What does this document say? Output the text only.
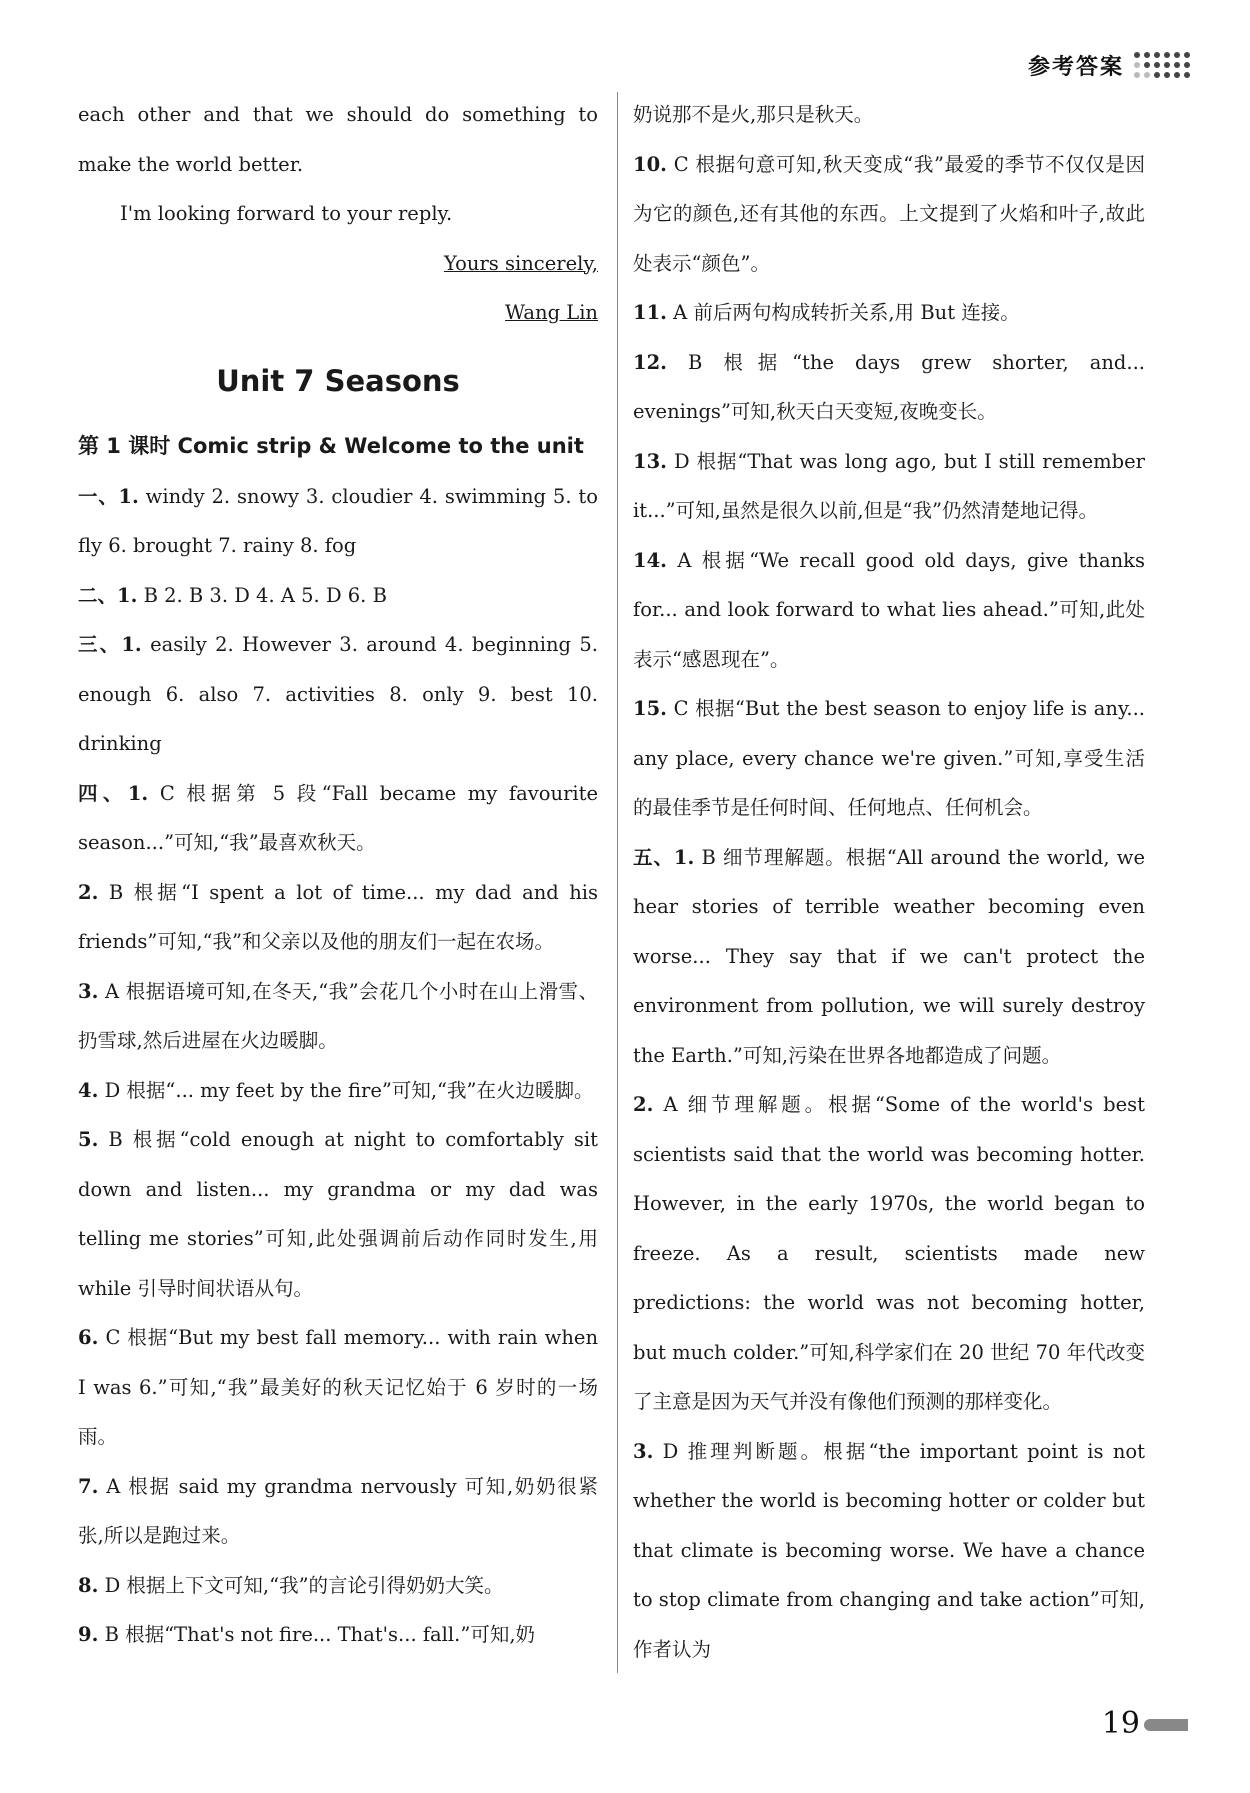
参考答案

each other and that we should do something to make the world better.

I'm looking forward to your reply.

Yours sincerely,

Wang Lin

Unit 7 Seasons

第 1 课时 Comic strip & Welcome to the unit

一、1. windy 2. snowy 3. cloudier 4. swimming 5. to fly 6. brought 7. rainy 8. fog

二、1. B 2. B 3. D 4. A 5. D 6. B

三、1. easily 2. However 3. around 4. beginning 5. enough 6. also 7. activities 8. only 9. best 10. drinking

四、1. C 根据第 5 段“Fall became my favourite season...”可知,“我”最喜欢秋天。

2. B 根据“I spent a lot of time... my dad and his friends”可知,“我”和父亲以及他的朋友们一起在农场。

3. A 根据语境可知,在冬天,“我”会花几个小时在山上滑雪、扔雪球,然后进屋在火边暖脚。

4. D 根据“... my feet by the fire”可知,“我”在火边暖脚。

5. B 根据“cold enough at night to comfortably sit down and listen... my grandma or my dad was telling me stories”可知,此处强调前后动作同时发生,用 while 引导时间状语从句。

6. C 根据“But my best fall memory... with rain when I was 6.”可知,“我”最美好的秋天记忆始于 6 岁时的一场雨。

7. A 根据 said my grandma nervously 可知,奶奶很紧张,所以是跑过来。

8. D 根据上下文可知,“我”的言论引得奶奶大笑。

9. B 根据“That's not fire... That's... fall.”可知,奶

奶说那不是火,那只是秋天。

10. C 根据句意可知,秋天变成“我”最爱的季节不仅仅是因为它的颜色,还有其他的东西。上文提到了火焰和叶子,故此处表示“颜色”。

11. A 前后两句构成转折关系,用 But 连接。

12. B 根据“the days grew shorter, and... evenings”可知,秋天白天变短,夜晚变长。

13. D 根据“That was long ago, but I still remember it...”可知,虽然是很久以前,但是“我”仍然清楚地记得。

14. A 根据“We recall good old days, give thanks for... and look forward to what lies ahead.”可知,此处表示“感恩现在”。

15. C 根据“But the best season to enjoy life is any... any place, every chance we're given.”可知,享受生活的最佳季节是任何时间、任何地点、任何机会。

五、1. B 细节理解题。根据“All around the world, we hear stories of terrible weather becoming even worse... They say that if we can't protect the environment from pollution, we will surely destroy the Earth.”可知,污染在世界各地都造成了问题。

2. A 细节理解题。根据“Some of the world's best scientists said that the world was becoming hotter. However, in the early 1970s, the world began to freeze. As a result, scientists made new predictions: the world was not becoming hotter, but much colder.”可知,科学家们在 20 世纪 70 年代改变了主意是因为天气并没有像他们预测的那样变化。

3. D 推理判断题。根据“the important point is not whether the world is becoming hotter or colder but that climate is becoming worse. We have a chance to stop climate from changing and take action”可知,作者认为

19
